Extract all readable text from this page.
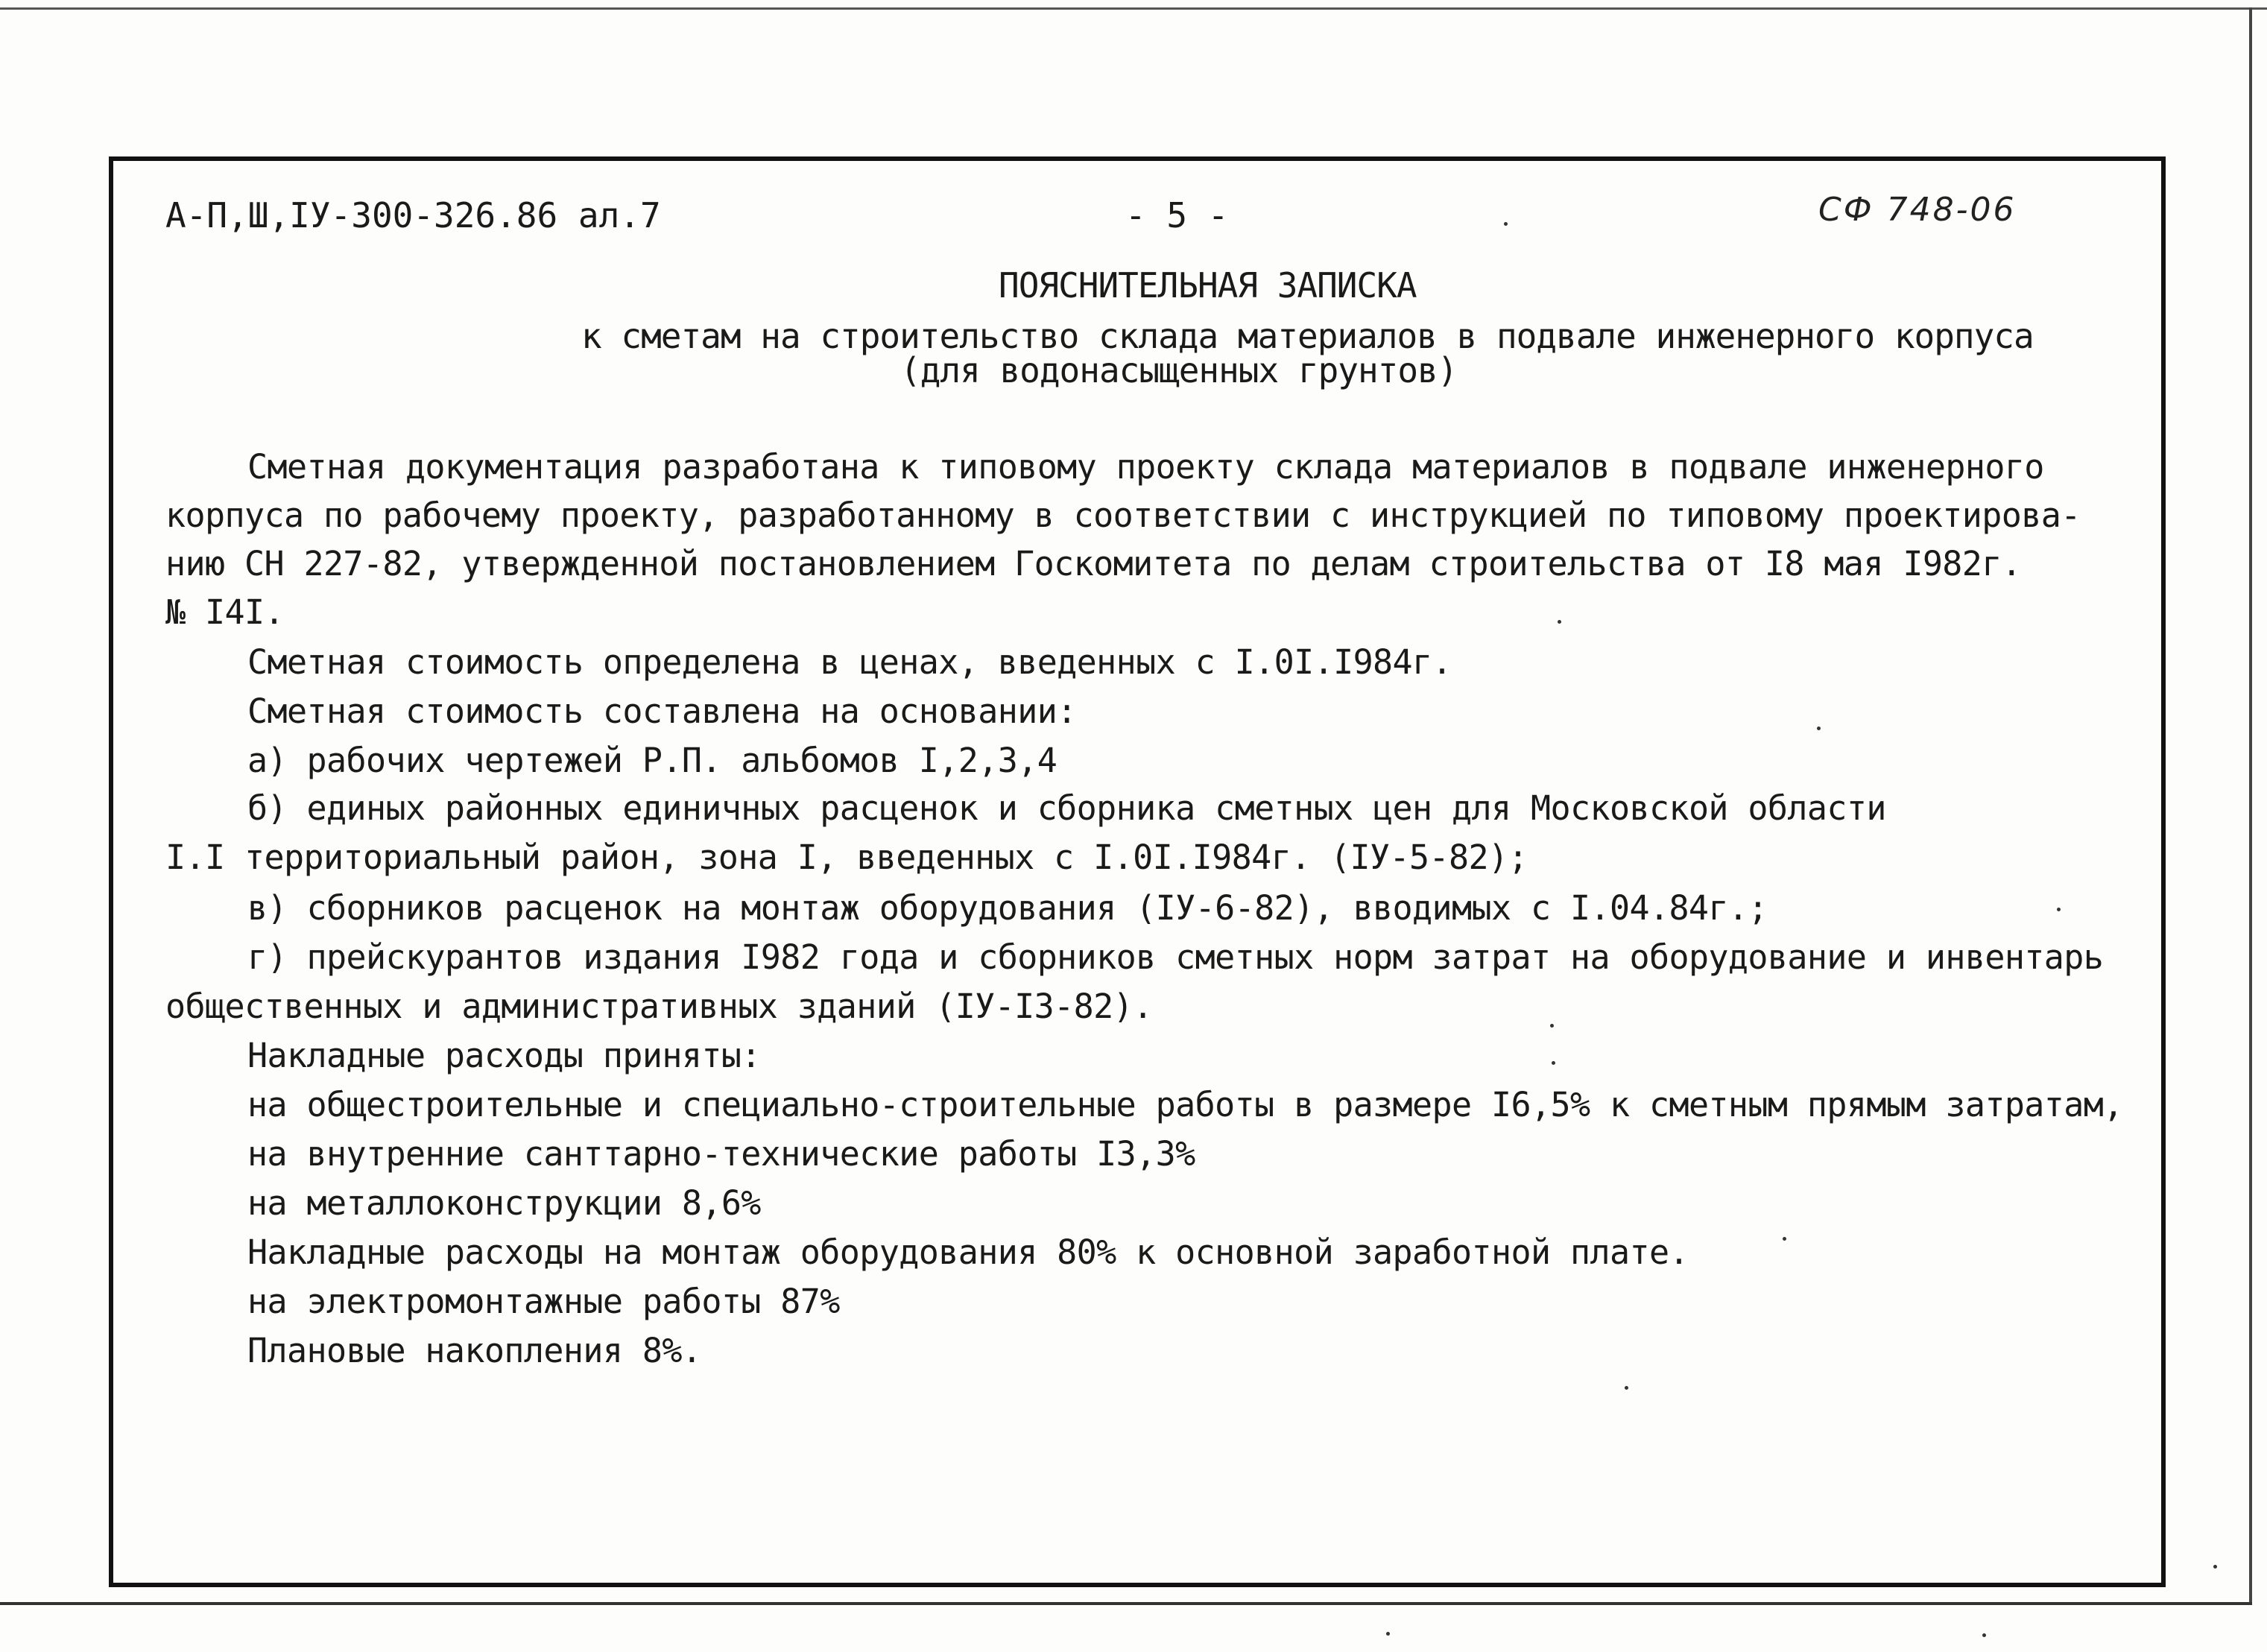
А-П,Ш,IУ-300-326.86 ал.7	- 5 -	СФ 748-06
ПОЯСНИТЕЛЬНАЯ ЗАПИСКА
к сметам на строительство склада материалов в подвале инженерного корпуса
(для водонасыщенных грунтов)
Сметная документация разработана к типовому проекту склада материалов в подвале инженерного
корпуса по рабочему проекту, разработанному в соответствии с инструкцией по типовому проектирова-
нию СН 227-82, утвержденной постановлением Госкомитета по делам строительства от I8 мая I982г.
№ I4I.
Сметная стоимость определена в ценах, введенных с I.0I.I984г.
Сметная стоимость составлена на основании:
а) рабочих чертежей Р.П. альбомов I,2,3,4
б) единых районных единичных расценок и сборника сметных цен для Московской области
I.I территориальный район, зона I, введенных с I.0I.I984г. (IУ-5-82);
в) сборников расценок на монтаж оборудования (IУ-6-82), вводимых с I.04.84г.;
г) прейскурантов издания I982 года и сборников сметных норм затрат на оборудование и инвентарь
общественных и административных зданий (IУ-I3-82).
Накладные расходы приняты:
на общестроительные и специально-строительные работы в размере I6,5% к сметным прямым затратам,
на внутренние санттарно-технические работы I3,3%
на металлоконструкции 8,6%
Накладные расходы на монтаж оборудования 80% к основной заработной плате.
на электромонтажные работы 87%
Плановые накопления 8%.
